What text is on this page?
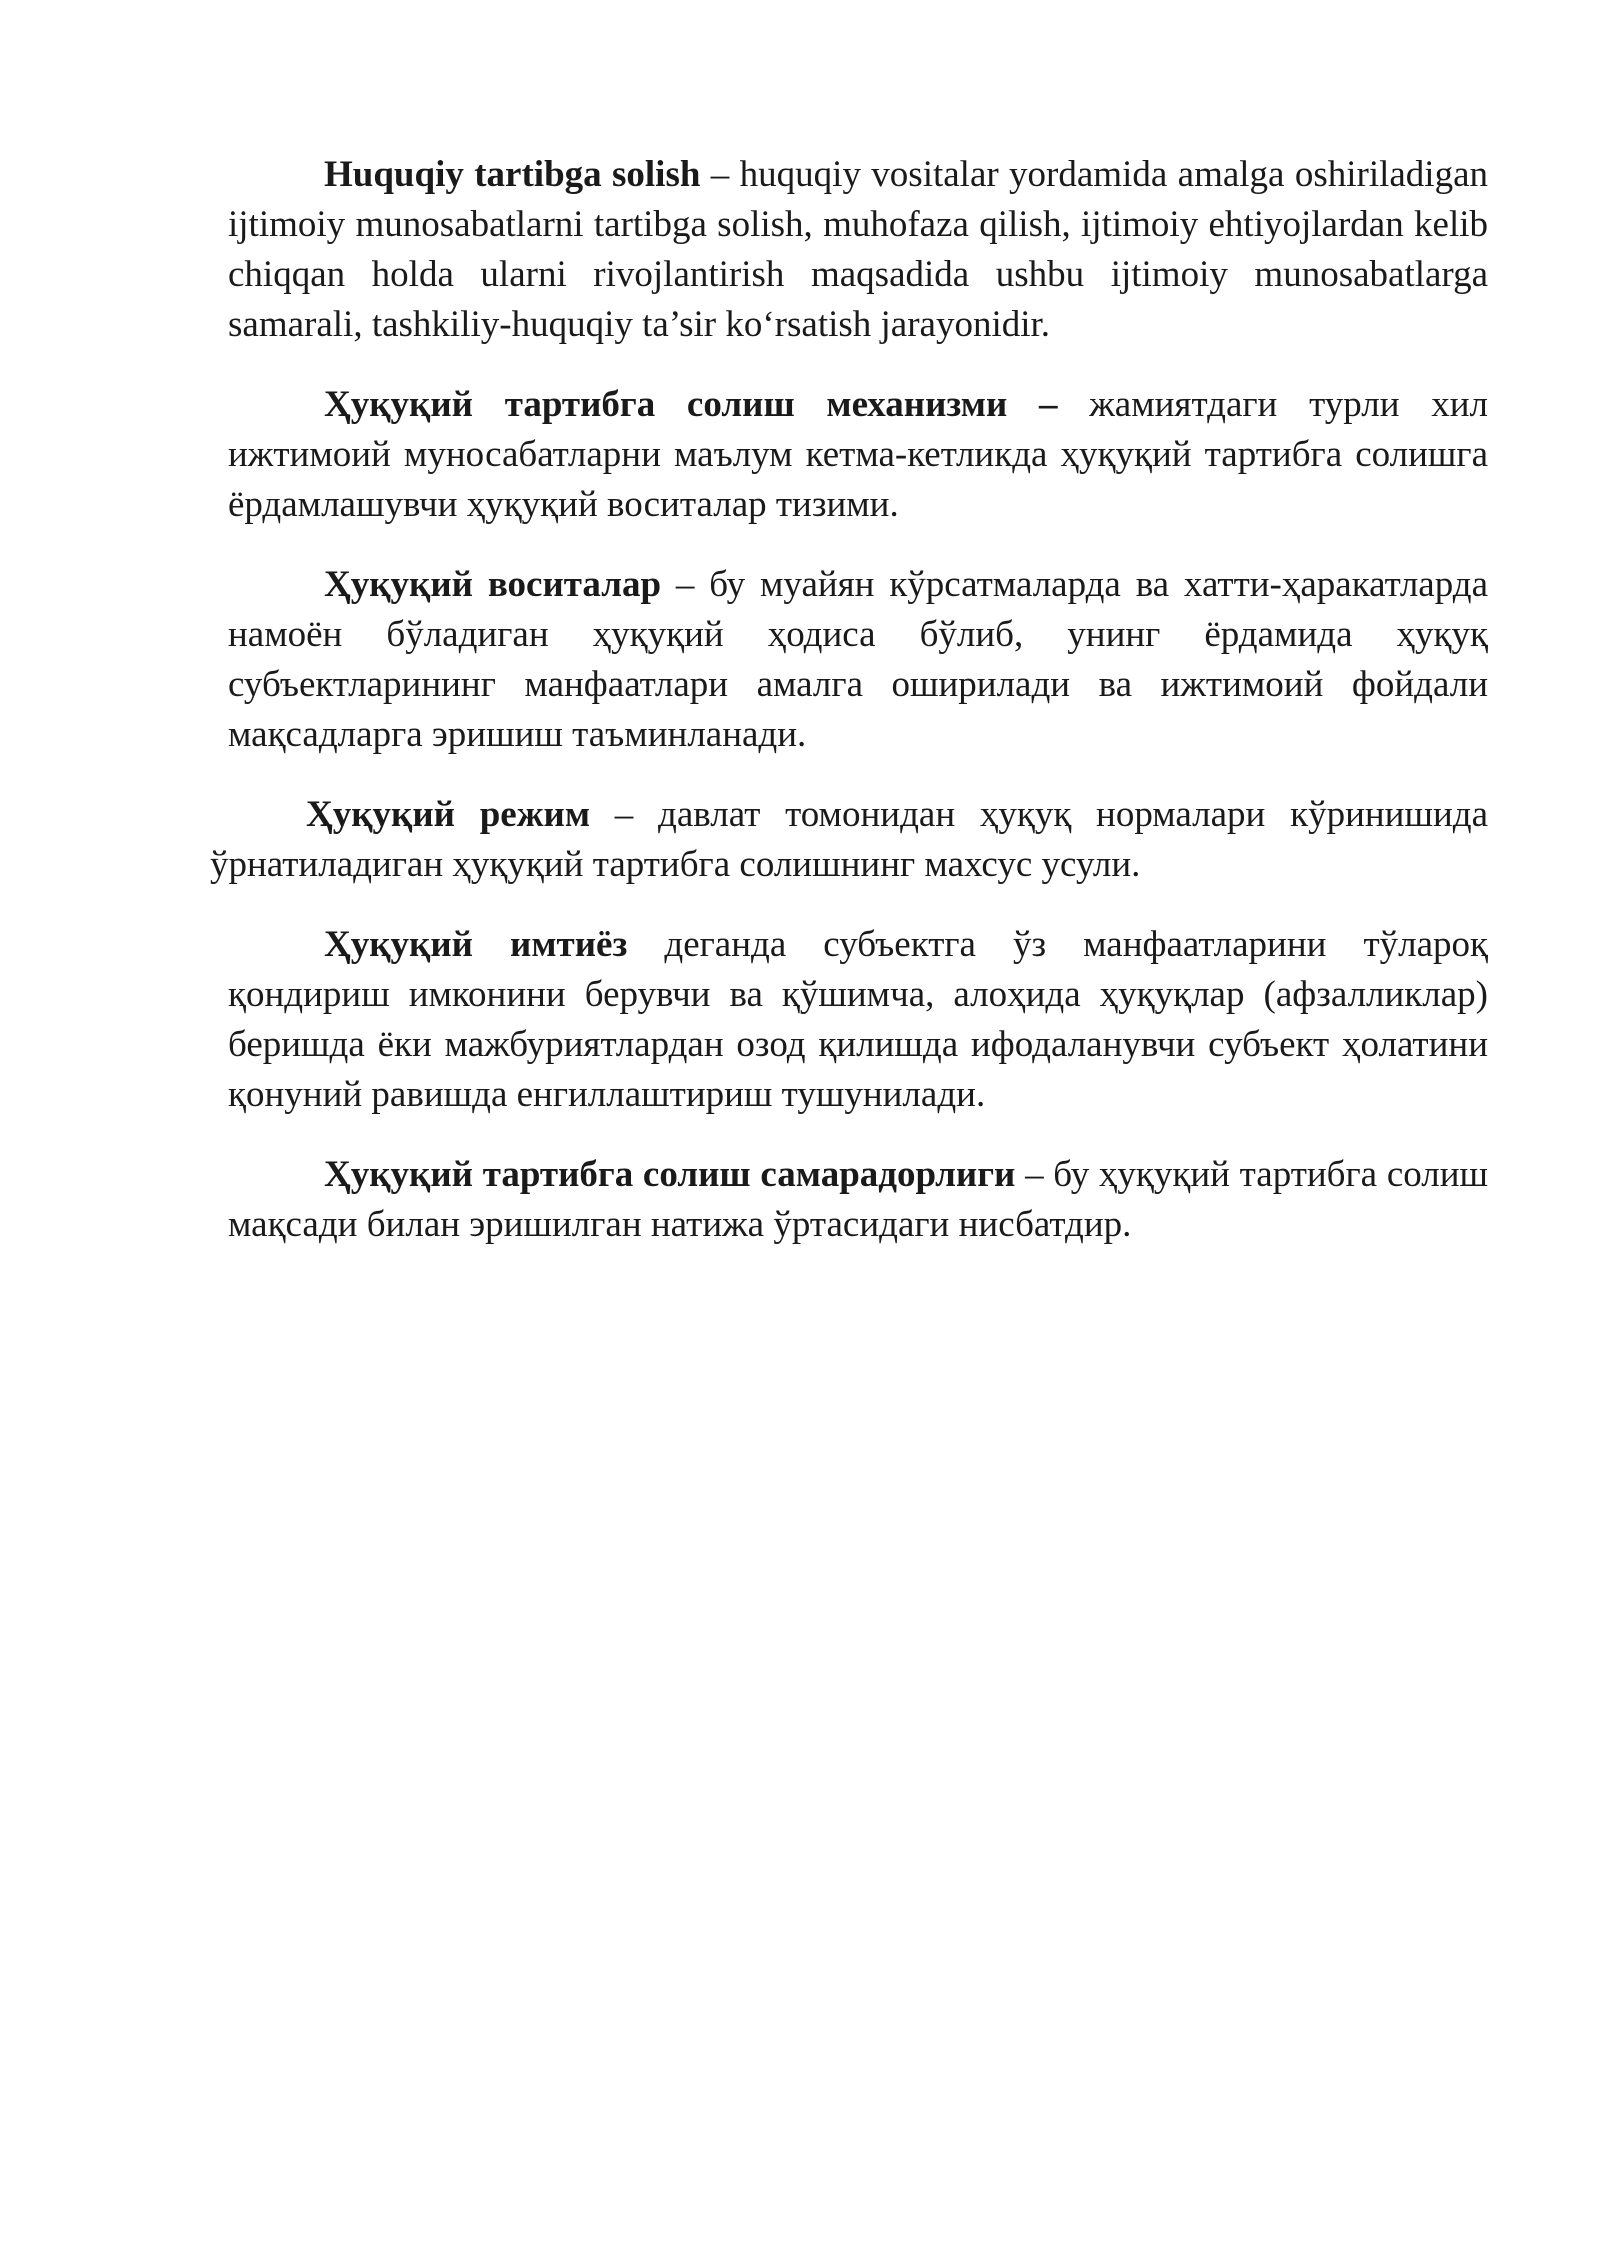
Huquqiy tartibga solish – huquqiy vositalar yordamida amalga oshiriladigan ijtimoiy munosabatlarni tartibga solish, muhofaza qilish, ijtimoiy ehtiyojlardan kelib chiqqan holda ularni rivojlantirish maqsadida ushbu ijtimoiy munosabatlarga samarali, tashkiliy-huquqiy ta’sir ko‘rsatish jarayonidir.

Ҳуқуқий тартибга солиш механизми – жамиятдаги турли хил ижтимоий муносабатларни маълум кетма-кетликда ҳуқуқий тартибга солишга ёрдамлашувчи ҳуқуқий воситалар тизими.

Ҳуқуқий воситалар – бу муайян кўрсатмаларда ва хатти-ҳаракатларда намоён бўладиган ҳуқуқий ҳодиса бўлиб, унинг ёрдамида ҳуқуқ субъектларининг манфаатлари амалга оширилади ва ижтимоий фойдали мақсадларга эришиш таъминланади.

Ҳуқуқий режим – давлат томонидан ҳуқуқ нормалари кўринишида ўрнатиладиган ҳуқуқий тартибга солишнинг махсус усули.

Ҳуқуқий имтиёз деганда субъектга ўз манфаатларини тўлароқ қондириш имконини берувчи ва қўшимча, алоҳида ҳуқуқлар (афзалликлар) беришда ёки мажбуриятлардан озод қилишда ифодаланувчи субъект ҳолатини қонуний равишда енгиллаштириш тушунилади.

Ҳуқуқий тартибга солиш самарадорлиги – бу ҳуқуқий тартибга солиш мақсади билан эришилган натижа ўртасидаги нисбатдир.
